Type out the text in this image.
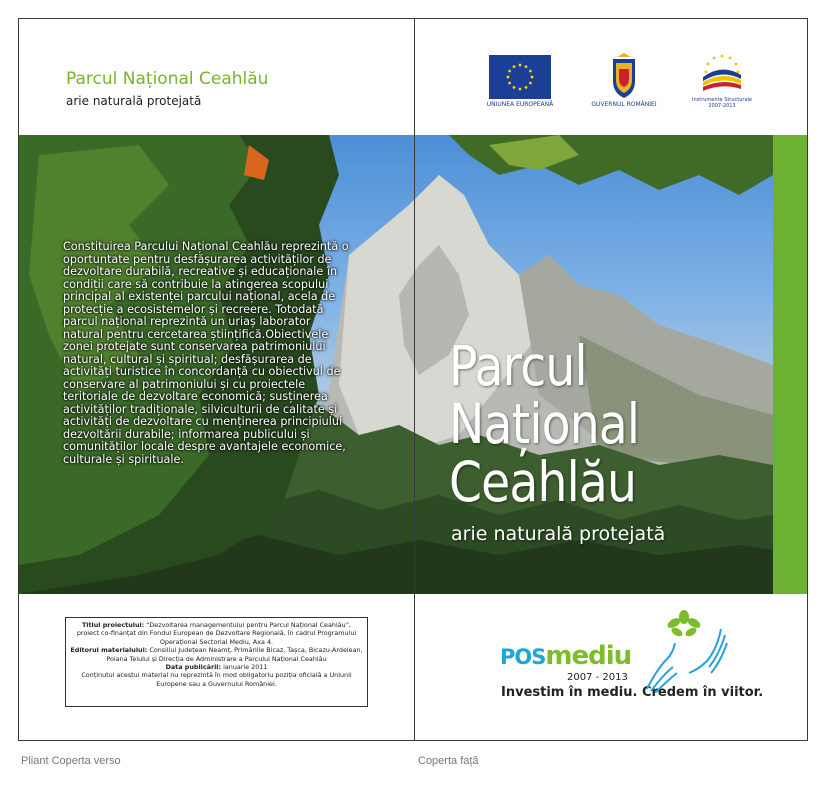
Parcul Național Ceahlău
arie naturală protejată	UNIUNEA EUROPEANĂ	GUVERNUL ROMÂNIEI
Instrumente Structurale
2007-2013
Constituirea Parcului Național Ceahlău reprezintă o oportuntate pentru desfășurarea activităților de dezvoltare durabilă, recreative și educaționale în condiții care să contribuie la atingerea scopului principal al existenței parcului național, acela de protecție a ecosistemelor și recreere. Totodată parcul național reprezintă un uriaș laborator natural pentru cercetarea științifică.Obiectivele zonei protejate sunt conservarea patrimoniului natural, cultural și spiritual; desfășurarea de activități turistice în concordanță cu obiectivul de conservare al patrimoniului și cu proiectele teritoriale de dezvoltare economică; susținerea activităților tradiționale, silviculturii de calitate și activități de dezvoltare cu menținerea principiului dezvoltării durabile; informarea publicului și comunităților locale despre avantajele economice, culturale și spirituale.
Parcul
Național
Ceahlău
arie naturală protejată
Titlul proiectului: “Dezvoltarea managementului pentru Parcul Național Ceahlău”, proiect co-finanțat din Fondul European de Dezvoltare Regională, în cadrul Programului Operațional Sectorial Mediu, Axa 4.
Editorul materialului: Consiliul Județean Neamț, Primăriile Bicaz, Tașca, Bicazu-Ardelean, Poiana Teiului și Direcția de Administrare a Parcului Național Ceahlău
Data publicării: ianuarie 2011
Conținutul acestui material nu reprezintă în mod obligatoriu poziția oficială a Uniunii Europene sau a Guvernului României.
POSmediu
2007 - 2013
Investim în mediu. Credem în viitor.
Pliant Coperta verso	Coperta față
